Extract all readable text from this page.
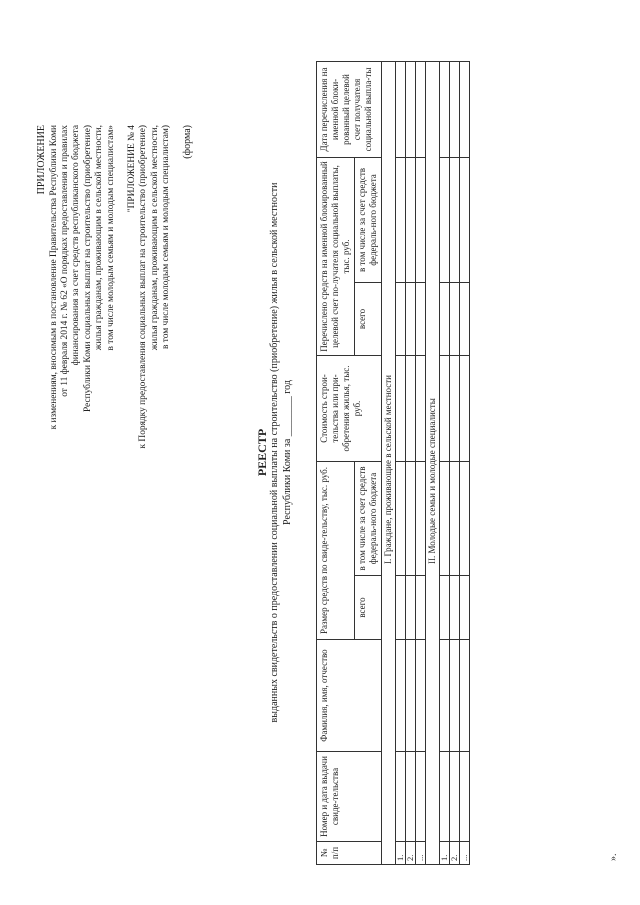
ПРИЛОЖЕНИЕ к изменениям, вносимым в постановление Правительства Республики Коми от 11 февраля 2014 г. № 62 «О порядках предоставления и правилах финансирования за счет средств республиканского бюджета Республики Коми социальных выплат на строительство (приобретение) жилья гражданам, проживающим в сельской местности, в том числе молодым семьям и молодым специалистам» "ПРИЛОЖЕНИЕ № 4 к Порядку предоставления социальных выплат на строительство (приобретение) жилья гражданам, проживающим в сельской местности, в том числе молодым семьям и молодым специалистам) (форма)
РЕЕСТР выданных свидетельств о предоставлении социальной выплаты на строительство (приобретение) жилья в сельской местности Республики Коми за ________ год
№ п/п	Номер и дата выдачи свиде-тельства	Фамилия, имя, отчество	Размер средств по свиде-тельству, тыс. руб.		Стоимость строи-тельства или при-обретения жилья, тыс. руб.	Перечислено средств на именной блокированный целевой счет по-лучателя социальной выплаты, тыс. руб.		Дата перечисления на именной блоки-рованный целевой счет получателя социальной выпла-ты
			всего	в том числе за счет средств федераль-ного бюджета		всего	в том числе за счет средств федераль-ного бюджета	
I. Граждане, проживающие в сельской местности								
1.								
2.								
...								
II. Молодые семьи и молодые специалисты								
1.								
2.								
...									».
